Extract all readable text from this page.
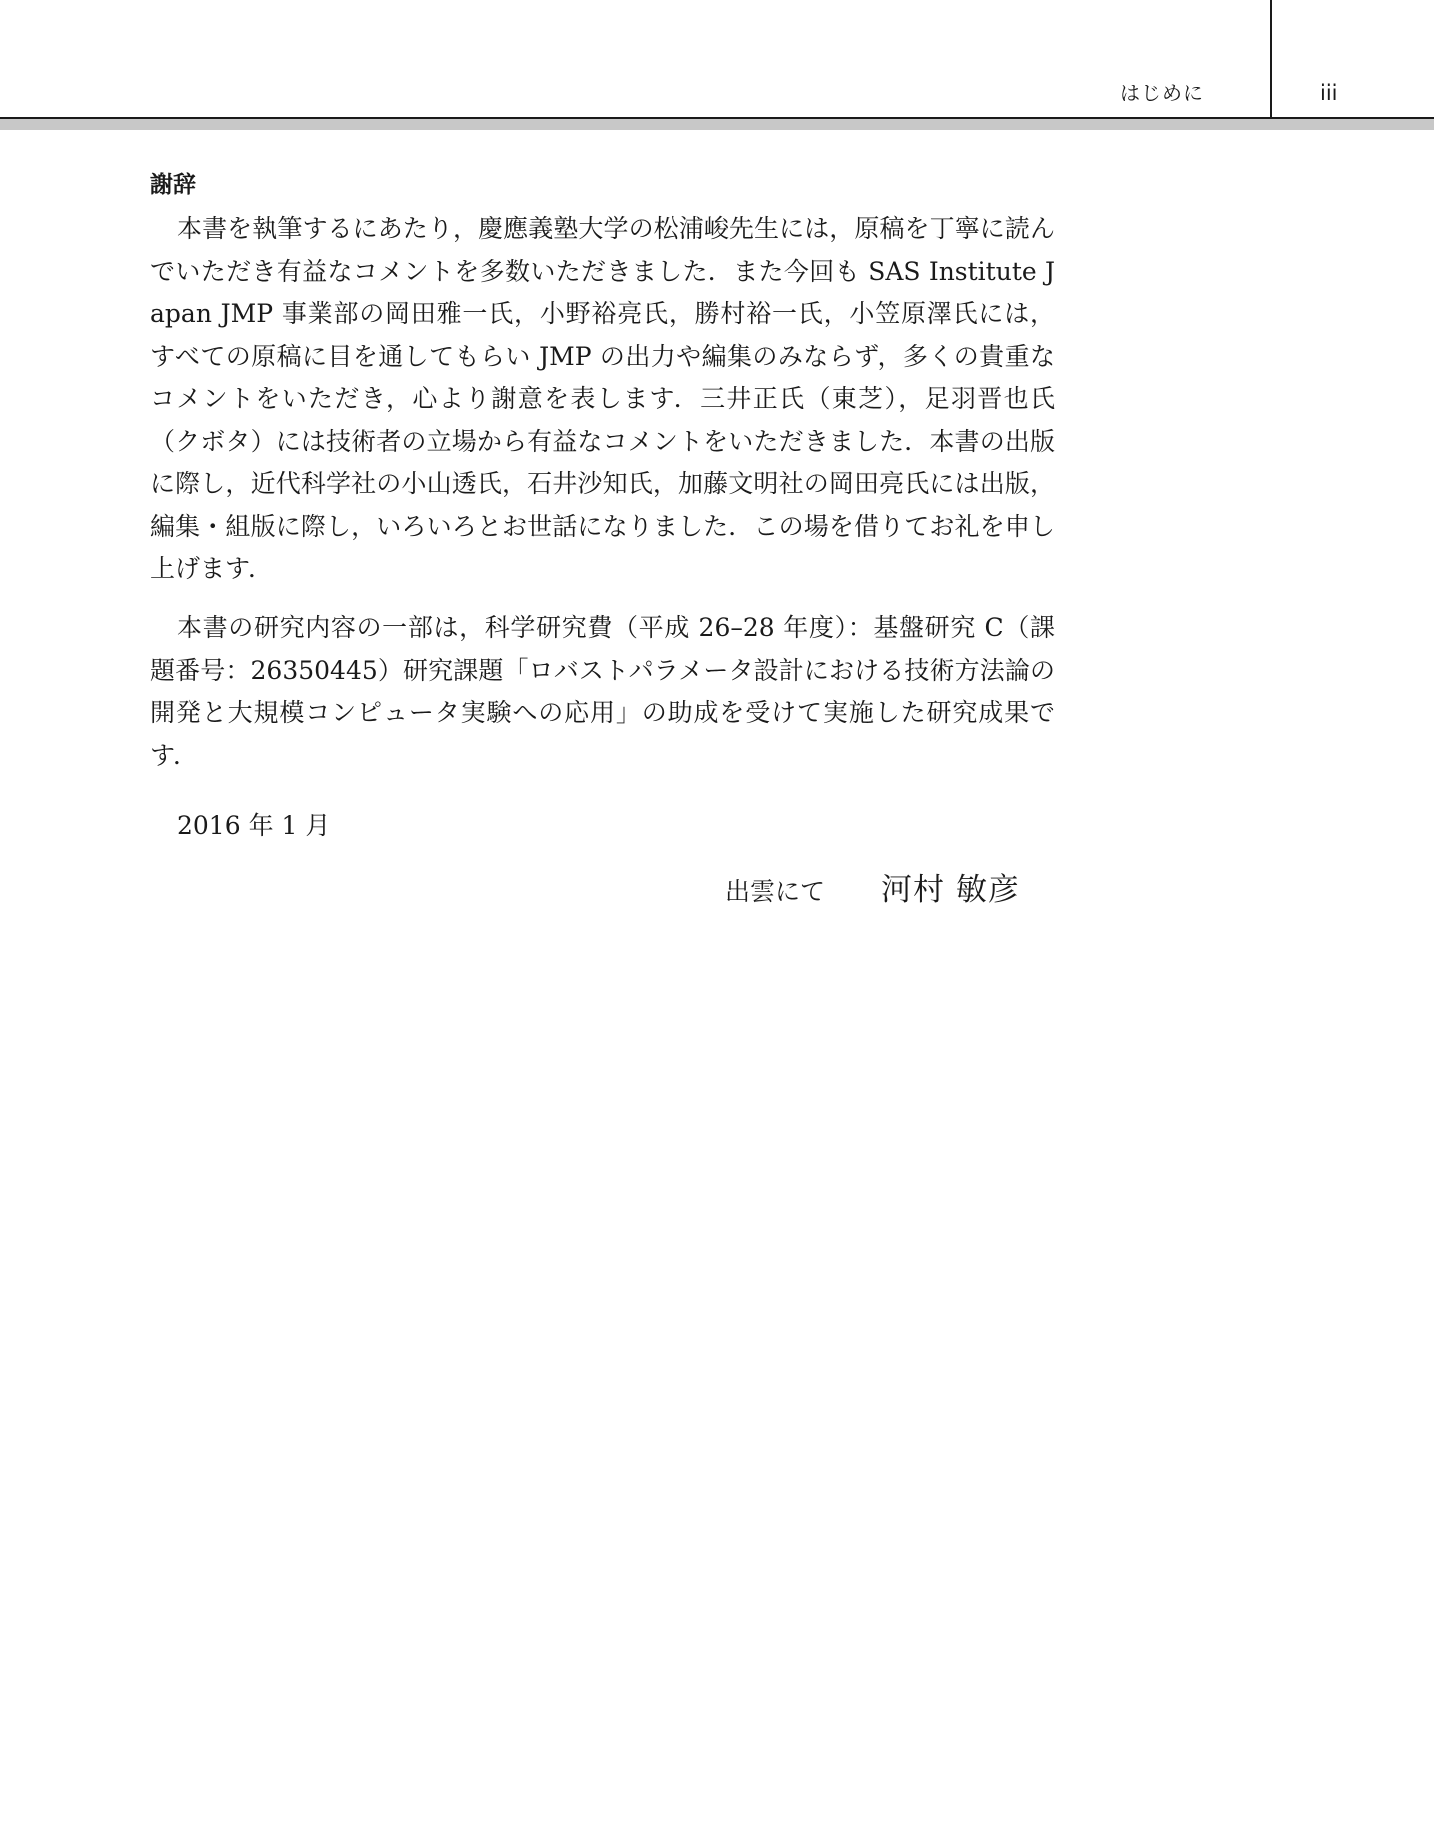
はじめに	iii
謝辞

本書を執筆するにあたり，慶應義塾大学の松浦峻先生には，原稿を丁寧に読んでいただき有益なコメントを多数いただきました．また今回も SAS Institute Japan JMP 事業部の岡田雅一氏，小野裕亮氏，勝村裕一氏，小笠原澤氏には，すべての原稿に目を通してもらい JMP の出力や編集のみならず，多くの貴重なコメントをいただき，心より謝意を表します．三井正氏（東芝），足羽晋也氏（クボタ）には技術者の立場から有益なコメントをいただきました．本書の出版に際し，近代科学社の小山透氏，石井沙知氏，加藤文明社の岡田亮氏には出版，編集・組版に際し，いろいろとお世話になりました．この場を借りてお礼を申し上げます．

本書の研究内容の一部は，科学研究費（平成 26–28 年度）：基盤研究 C（課題番号：26350445）研究課題「ロバストパラメータ設計における技術方法論の開発と大規模コンピュータ実験への応用」の助成を受けて実施した研究成果です．

2016 年 1 月
出雲にて 河村 敏彦
